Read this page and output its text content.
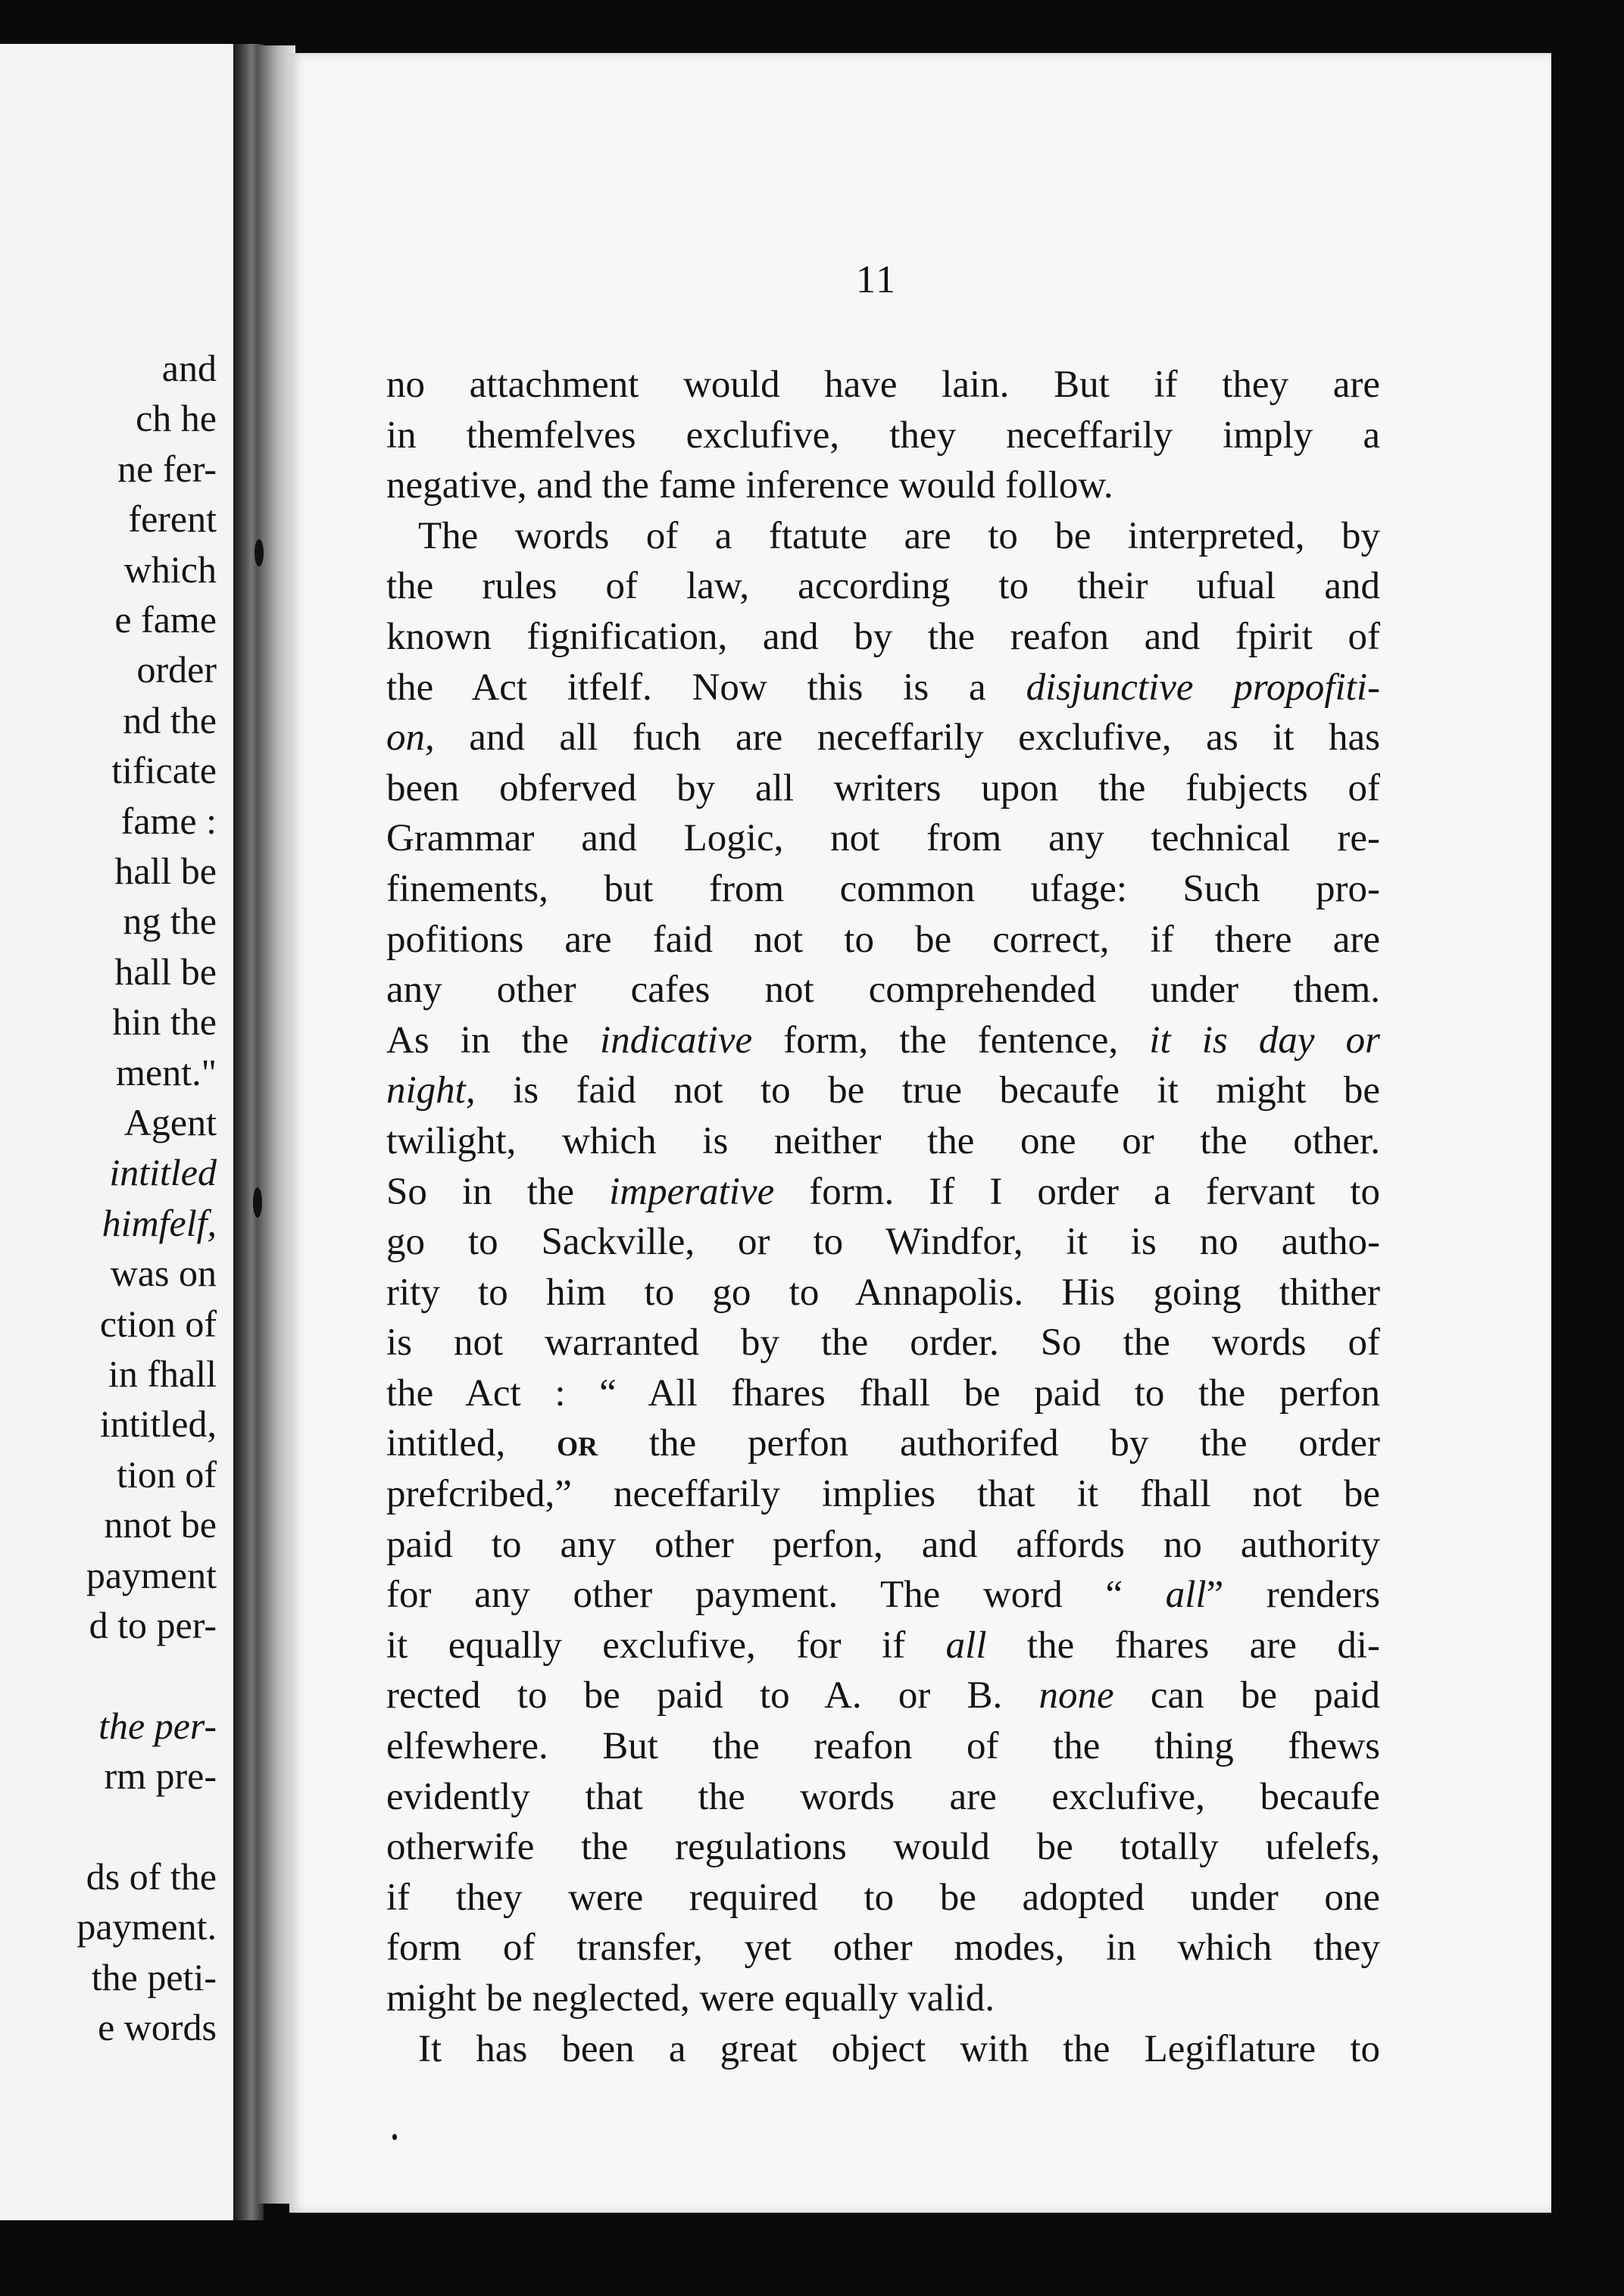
and
ch he
ne fer-
ferent
which
e fame
order
nd the
tificate
fame :
hall be
ng the
hall be
hin the
ment."
Agent
intitled
himfelf,
was on
ction of
in fhall
intitled,
tion of
nnot be
payment
d to per-
the per-
rm pre-
ds of the
payment.
the peti-
e words
11
no attachment would have lain. But if they are
in themfelves exclufive, they neceffarily imply a
negative, and the fame inference would follow.
The words of a ftatute are to be interpreted, by
the rules of law, according to their ufual and
known fignification, and by the reafon and fpirit of
the Act itfelf. Now this is a disjunctive propofiti-
on, and all fuch are neceffarily exclufive, as it has
been obferved by all writers upon the fubjects of
Grammar and Logic, not from any technical re-
finements, but from common ufage: Such pro-
pofitions are faid not to be correct, if there are
any other cafes not comprehended under them.
As in the indicative form, the fentence, it is day or
night, is faid not to be true becaufe it might be
twilight, which is neither the one or the other.
So in the imperative form. If I order a fervant to
go to Sackville, or to Windfor, it is no autho-
rity to him to go to Annapolis. His going thither
is not warranted by the order. So the words of
the Act : “ All fhares fhall be paid to the perfon
intitled, or the perfon authorifed by the order
prefcribed,” neceffarily implies that it fhall not be
paid to any other perfon, and affords no authority
for any other payment. The word “ all” renders
it equally exclufive, for if all the fhares are di-
rected to be paid to A. or B. none can be paid
elfewhere. But the reafon of the thing fhews
evidently that the words are exclufive, becaufe
otherwife the regulations would be totally ufelefs,
if they were required to be adopted under one
form of transfer, yet other modes, in which they
might be neglected, were equally valid.
It has been a great object with the Legiflature to
